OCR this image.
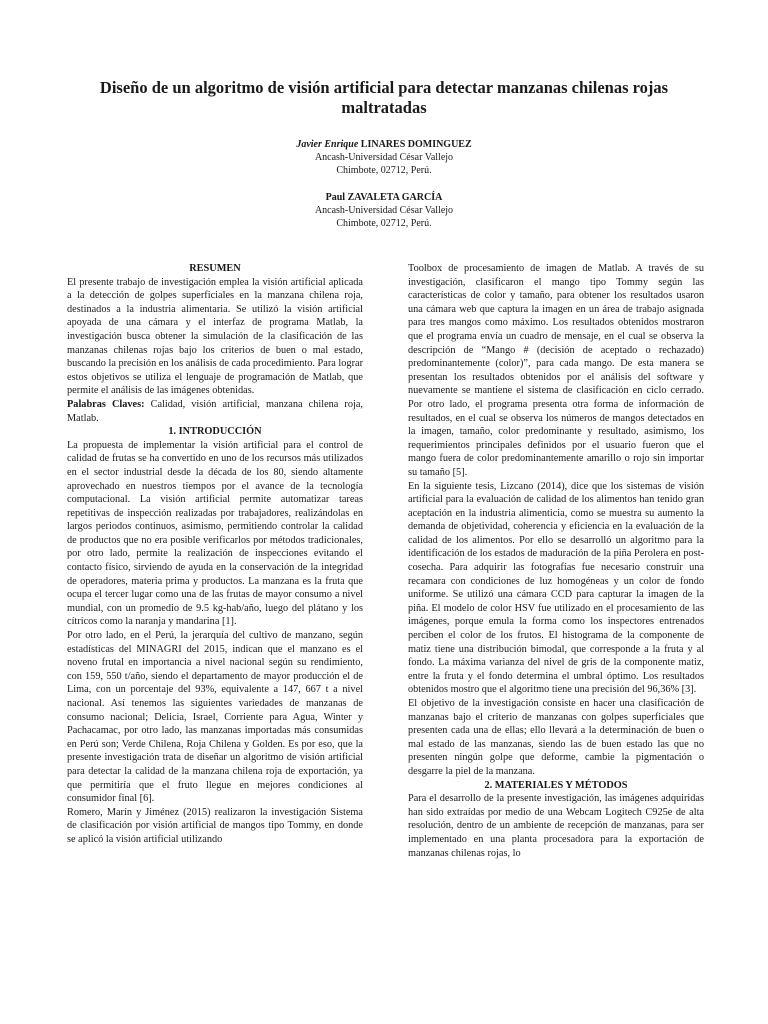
Diseño de un algoritmo de visión artificial para detectar manzanas chilenas rojas maltratadas
Javier Enrique LINARES DOMINGUEZ
Ancash-Universidad César Vallejo
Chimbote, 02712, Perú.
Paul ZAVALETA GARCÍA
Ancash-Universidad César Vallejo
Chimbote, 02712, Perú.

RESUMEN

El presente trabajo de investigación emplea la visión artificial aplicada a la detección de golpes superficiales en la manzana chilena roja, destinados a la industria alimentaria. Se utilizó la visión artificial apoyada de una cámara y el interfaz de programa Matlab, la investigación busca obtener la simulación de la clasificación de las manzanas chilenas rojas bajo los criterios de buen o mal estado, buscando la precisión en los análisis de cada procedimiento. Para lograr estos objetivos se utiliza el lenguaje de programación de Matlab, que permite el análisis de las imágenes obtenidas.

Palabras Claves: Calidad, visión artificial, manzana chilena roja, Matlab.

1. INTRODUCCIÓN

La propuesta de implementar la visión artificial para el control de calidad de frutas se ha convertido en uno de los recursos más utilizados en el sector industrial desde la década de los 80, siendo altamente aprovechado en nuestros tiempos por el avance de la tecnología computacional. La visión artificial permite automatizar tareas repetitivas de inspección realizadas por trabajadores, realizándolas en largos periodos continuos, asimismo, permitiendo controlar la calidad de productos que no era posible verificarlos por métodos tradicionales, por otro lado, permite la realización de inspecciones evitando el contacto físico, sirviendo de ayuda en la conservación de la integridad de operadores, materia prima y productos. La manzana es la fruta que ocupa el tercer lugar como una de las frutas de mayor consumo a nivel mundial, con un promedio de 9.5 kg-hab/año, luego del plátano y los cítricos como la naranja y mandarina [1].

Por otro lado, en el Perú, la jerarquía del cultivo de manzano, según estadísticas del MINAGRI del 2015, indican que el manzano es el noveno frutal en importancia a nivel nacional según su rendimiento, con 159, 550 t/año, siendo el departamento de mayor producción el de Lima, con un porcentaje del 93%, equivalente a 147, 667 t a nivel nacional. Así tenemos las siguientes variedades de manzanas de consumo nacional; Delicia, Israel, Corriente para Agua, Winter y Pachacamac, por otro lado, las manzanas importadas más consumidas en Perú son; Verde Chilena, Roja Chilena y Golden. Es por eso, que la presente investigación trata de diseñar un algoritmo de visión artificial para detectar la calidad de la manzana chilena roja de exportación, ya que permitiría que el fruto llegue en mejores condiciones al consumidor final [6].

Romero, Marín y Jiménez (2015) realizaron la investigación Sistema de clasificación por visión artificial de mangos tipo Tommy, en donde se aplicó la visión artificial utilizando

Toolbox de procesamiento de imagen de Matlab. A través de su investigación, clasificaron el mango tipo Tommy según las características de color y tamaño, para obtener los resultados usaron una cámara web que captura la imagen en un área de trabajo asignada para tres mangos como máximo. Los resultados obtenidos mostraron que el programa envía un cuadro de mensaje, en el cual se observa la descripción de “Mango # (decisión de aceptado o rechazado) predominantemente (color)”, para cada mango. De esta manera se presentan los resultados obtenidos por el análisis del software y nuevamente se mantiene el sistema de clasificación en ciclo cerrado. Por otro lado, el programa presenta otra forma de información de resultados, en el cual se observa los números de mangos detectados en la imagen, tamaño, color predominante y resultado, asimismo, los requerimientos principales definidos por el usuario fueron que el mango fuera de color predominantemente amarillo o rojo sin importar su tamaño [5].

En la siguiente tesis, Lizcano (2014), dice que los sistemas de visión artificial para la evaluación de calidad de los alimentos han tenido gran aceptación en la industria alimenticia, como se muestra su aumento la demanda de objetividad, coherencia y eficiencia en la evaluación de la calidad de los alimentos. Por ello se desarrolló un algoritmo para la identificación de los estados de maduración de la piña Perolera en post-cosecha. Para adquirir las fotografías fue necesario construir una recamara con condiciones de luz homogéneas y un color de fondo uniforme. Se utilizó una cámara CCD para capturar la imagen de la piña. El modelo de color HSV fue utilizado en el procesamiento de las imágenes, porque emula la forma como los inspectores entrenados perciben el color de los frutos. El histograma de la componente de matiz tiene una distribución bimodal, que corresponde a la fruta y al fondo. La máxima varianza del nivel de gris de la componente matiz, entre la fruta y el fondo determina el umbral óptimo. Los resultados obtenidos mostro que el algoritmo tiene una precisión del 96,36% [3].

El objetivo de la investigación consiste en hacer una clasificación de manzanas bajo el criterio de manzanas con golpes superficiales que presenten cada una de ellas; ello llevará a la determinación de buen o mal estado de las manzanas, siendo las de buen estado las que no presenten ningún golpe que deforme, cambie la pigmentación o desgarre la piel de la manzana.

2. MATERIALES Y MÉTODOS

Para el desarrollo de la presente investigación, las imágenes adquiridas han sido extraídas por medio de una Webcam Logitech C925e de alta resolución, dentro de un ambiente de recepción de manzanas, para ser implementado en una planta procesadora para la exportación de manzanas chilenas rojas, lo
